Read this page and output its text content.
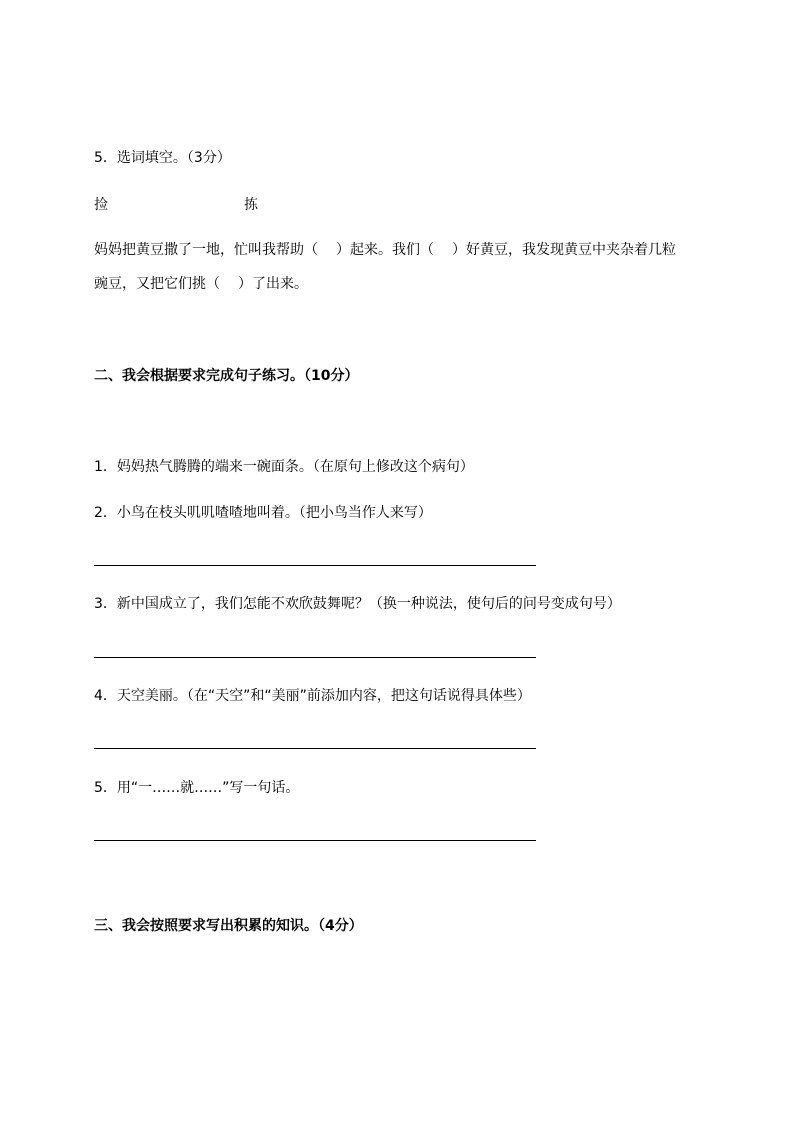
5．选词填空。（3分）
捡	拣
妈妈把黄豆撒了一地，忙叫我帮助（ ）起来。我们（ ）好黄豆，我发现黄豆中夹杂着几粒
豌豆，又把它们挑（ ）了出来。
二、我会根据要求完成句子练习。（10分）
1．妈妈热气腾腾的端来一碗面条。（在原句上修改这个病句）
2．小鸟在枝头叽叽喳喳地叫着。（把小鸟当作人来写）
3．新中国成立了，我们怎能不欢欣鼓舞呢？（换一种说法，使句后的问号变成句号）
4．天空美丽。（在“天空”和“美丽”前添加内容，把这句话说得具体些）
5．用“一……就……”写一句话。
三、我会按照要求写出积累的知识。（4分）
